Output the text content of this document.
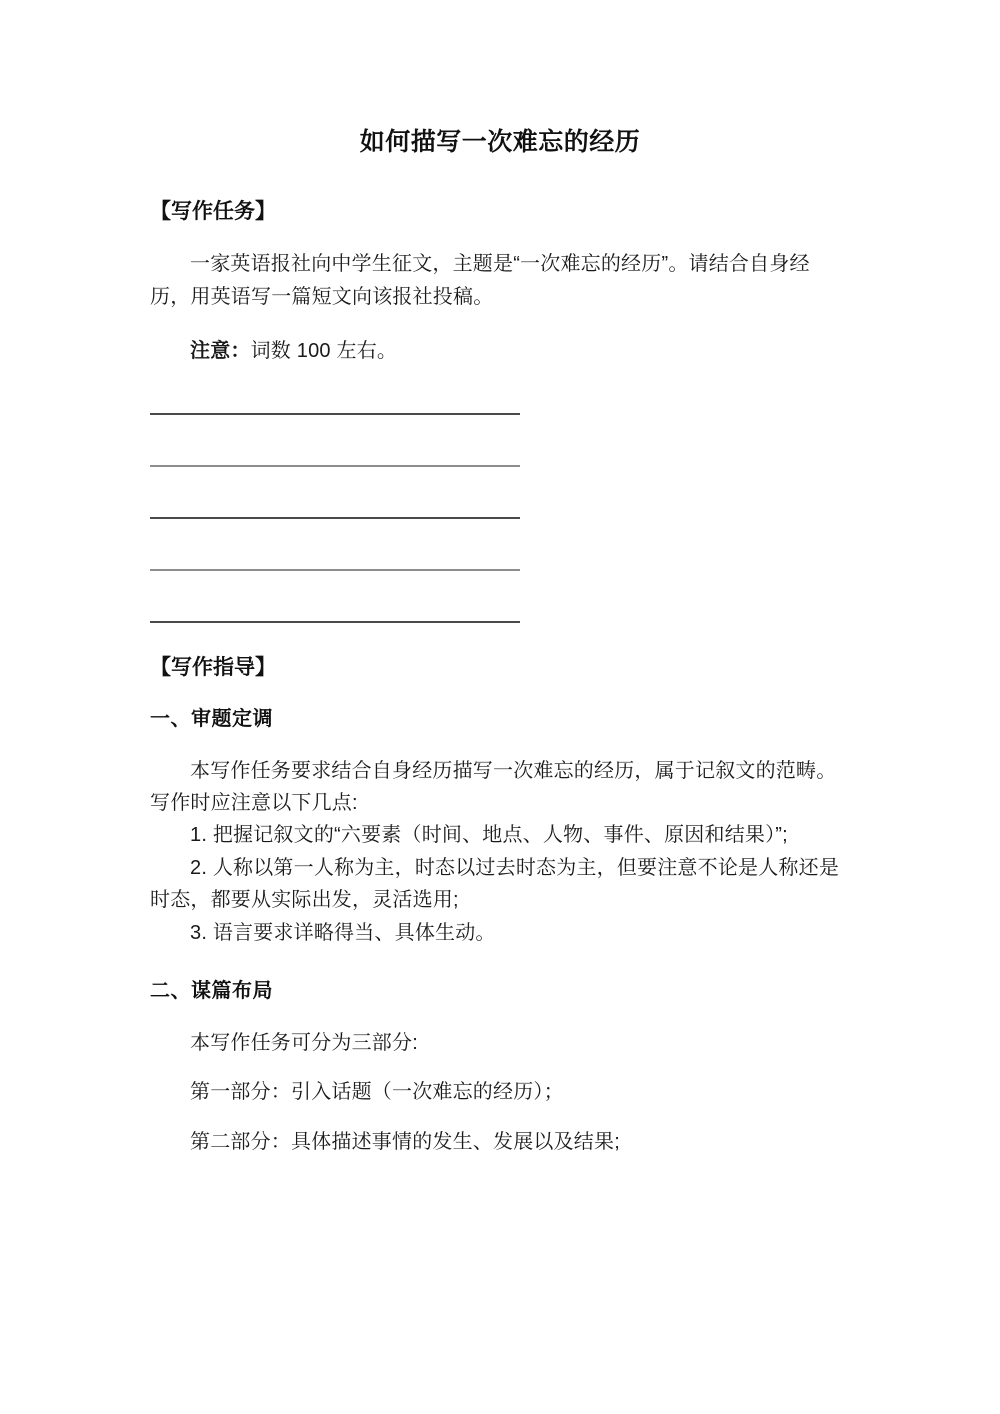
如何描写一次难忘的经历
【写作任务】

一家英语报社向中学生征文，主题是“一次难忘的经历”。请结合自身经历，用英语写一篇短文向该报社投稿。

注意：词数 100 左右。

【写作指导】
一、审题定调

本写作任务要求结合自身经历描写一次难忘的经历，属于记叙文的范畴。写作时应注意以下几点:

1. 把握记叙文的“六要素（时间、地点、人物、事件、原因和结果）”;

2. 人称以第一人称为主，时态以过去时态为主，但要注意不论是人称还是时态，都要从实际出发，灵活选用;

3. 语言要求详略得当、具体生动。

二、谋篇布局

本写作任务可分为三部分:

第一部分：引入话题（一次难忘的经历）；

第二部分：具体描述事情的发生、发展以及结果;
